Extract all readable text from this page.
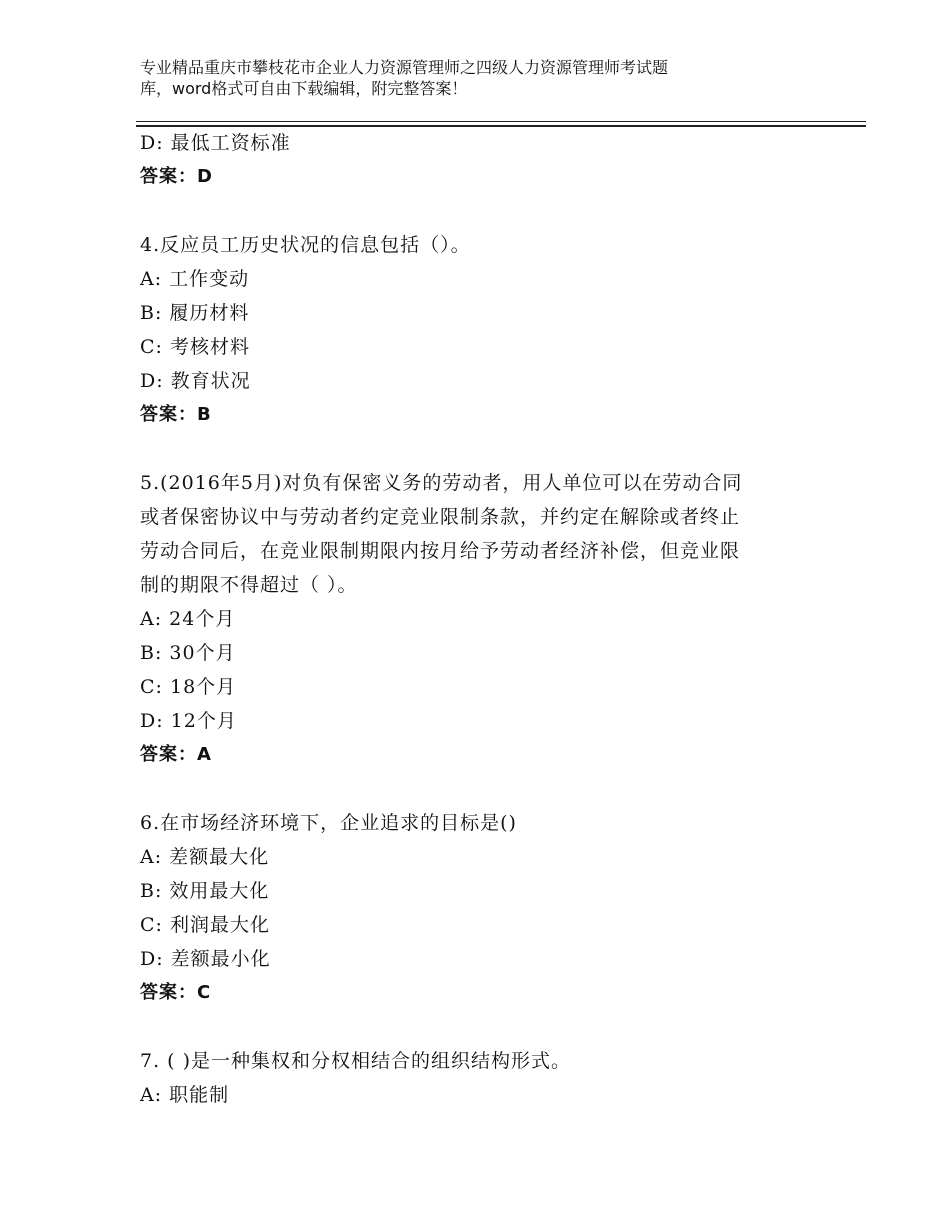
专业精品重庆市攀枝花市企业人力资源管理师之四级人力资源管理师考试题
库，word格式可自由下载编辑，附完整答案！
D: 最低工资标准
答案：D
4.反应员工历史状况的信息包括（）。
A: 工作变动
B: 履历材料
C: 考核材料
D: 教育状况
答案：B
5.(2016年5月)对负有保密义务的劳动者，用人单位可以在劳动合同
或者保密协议中与劳动者约定竞业限制条款，并约定在解除或者终止
劳动合同后，在竞业限制期限内按月给予劳动者经济补偿，但竞业限
制的期限不得超过（ ）。
A: 24个月
B: 30个月
C: 18个月
D: 12个月
答案：A
6.在市场经济环境下，企业追求的目标是()
A: 差额最大化
B: 效用最大化
C: 利润最大化
D: 差额最小化
答案：C
7. ( )是一种集权和分权相结合的组织结构形式。
A: 职能制
